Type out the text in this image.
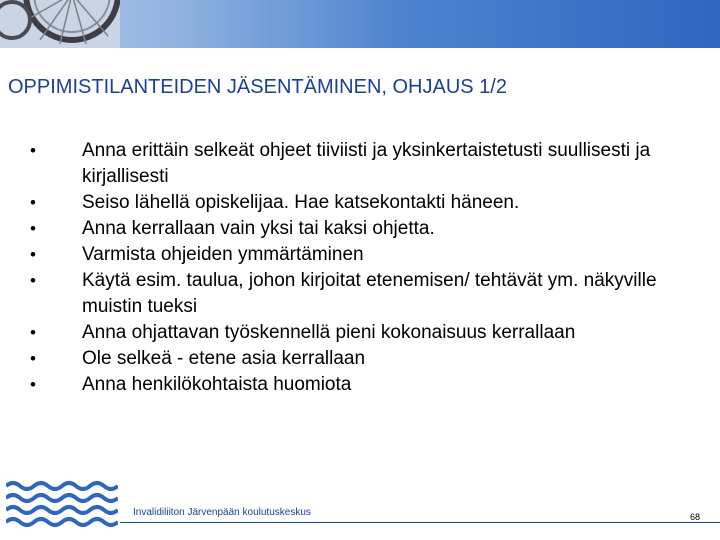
OPPIMISTILANTEIDEN JÄSENTÄMINEN, OHJAUS 1/2
• Anna erittäin selkeät ohjeet tiiviisti ja yksinkertaistetusti suullisesti ja kirjallisesti
• Seiso lähellä opiskelijaa. Hae katsekontakti häneen.
• Anna kerrallaan vain yksi tai kaksi ohjetta.
• Varmista ohjeiden ymmärtäminen
• Käytä esim. taulua, johon kirjoitat etenemisen/ tehtävät ym. näkyville muistin tueksi
• Anna ohjattavan työskennellä pieni kokonaisuus kerrallaan
• Ole selkeä - etene asia kerrallaan
• Anna henkilökohtaista huomiota
Invalidiliiton Järvenpään koulutuskeskus	68
